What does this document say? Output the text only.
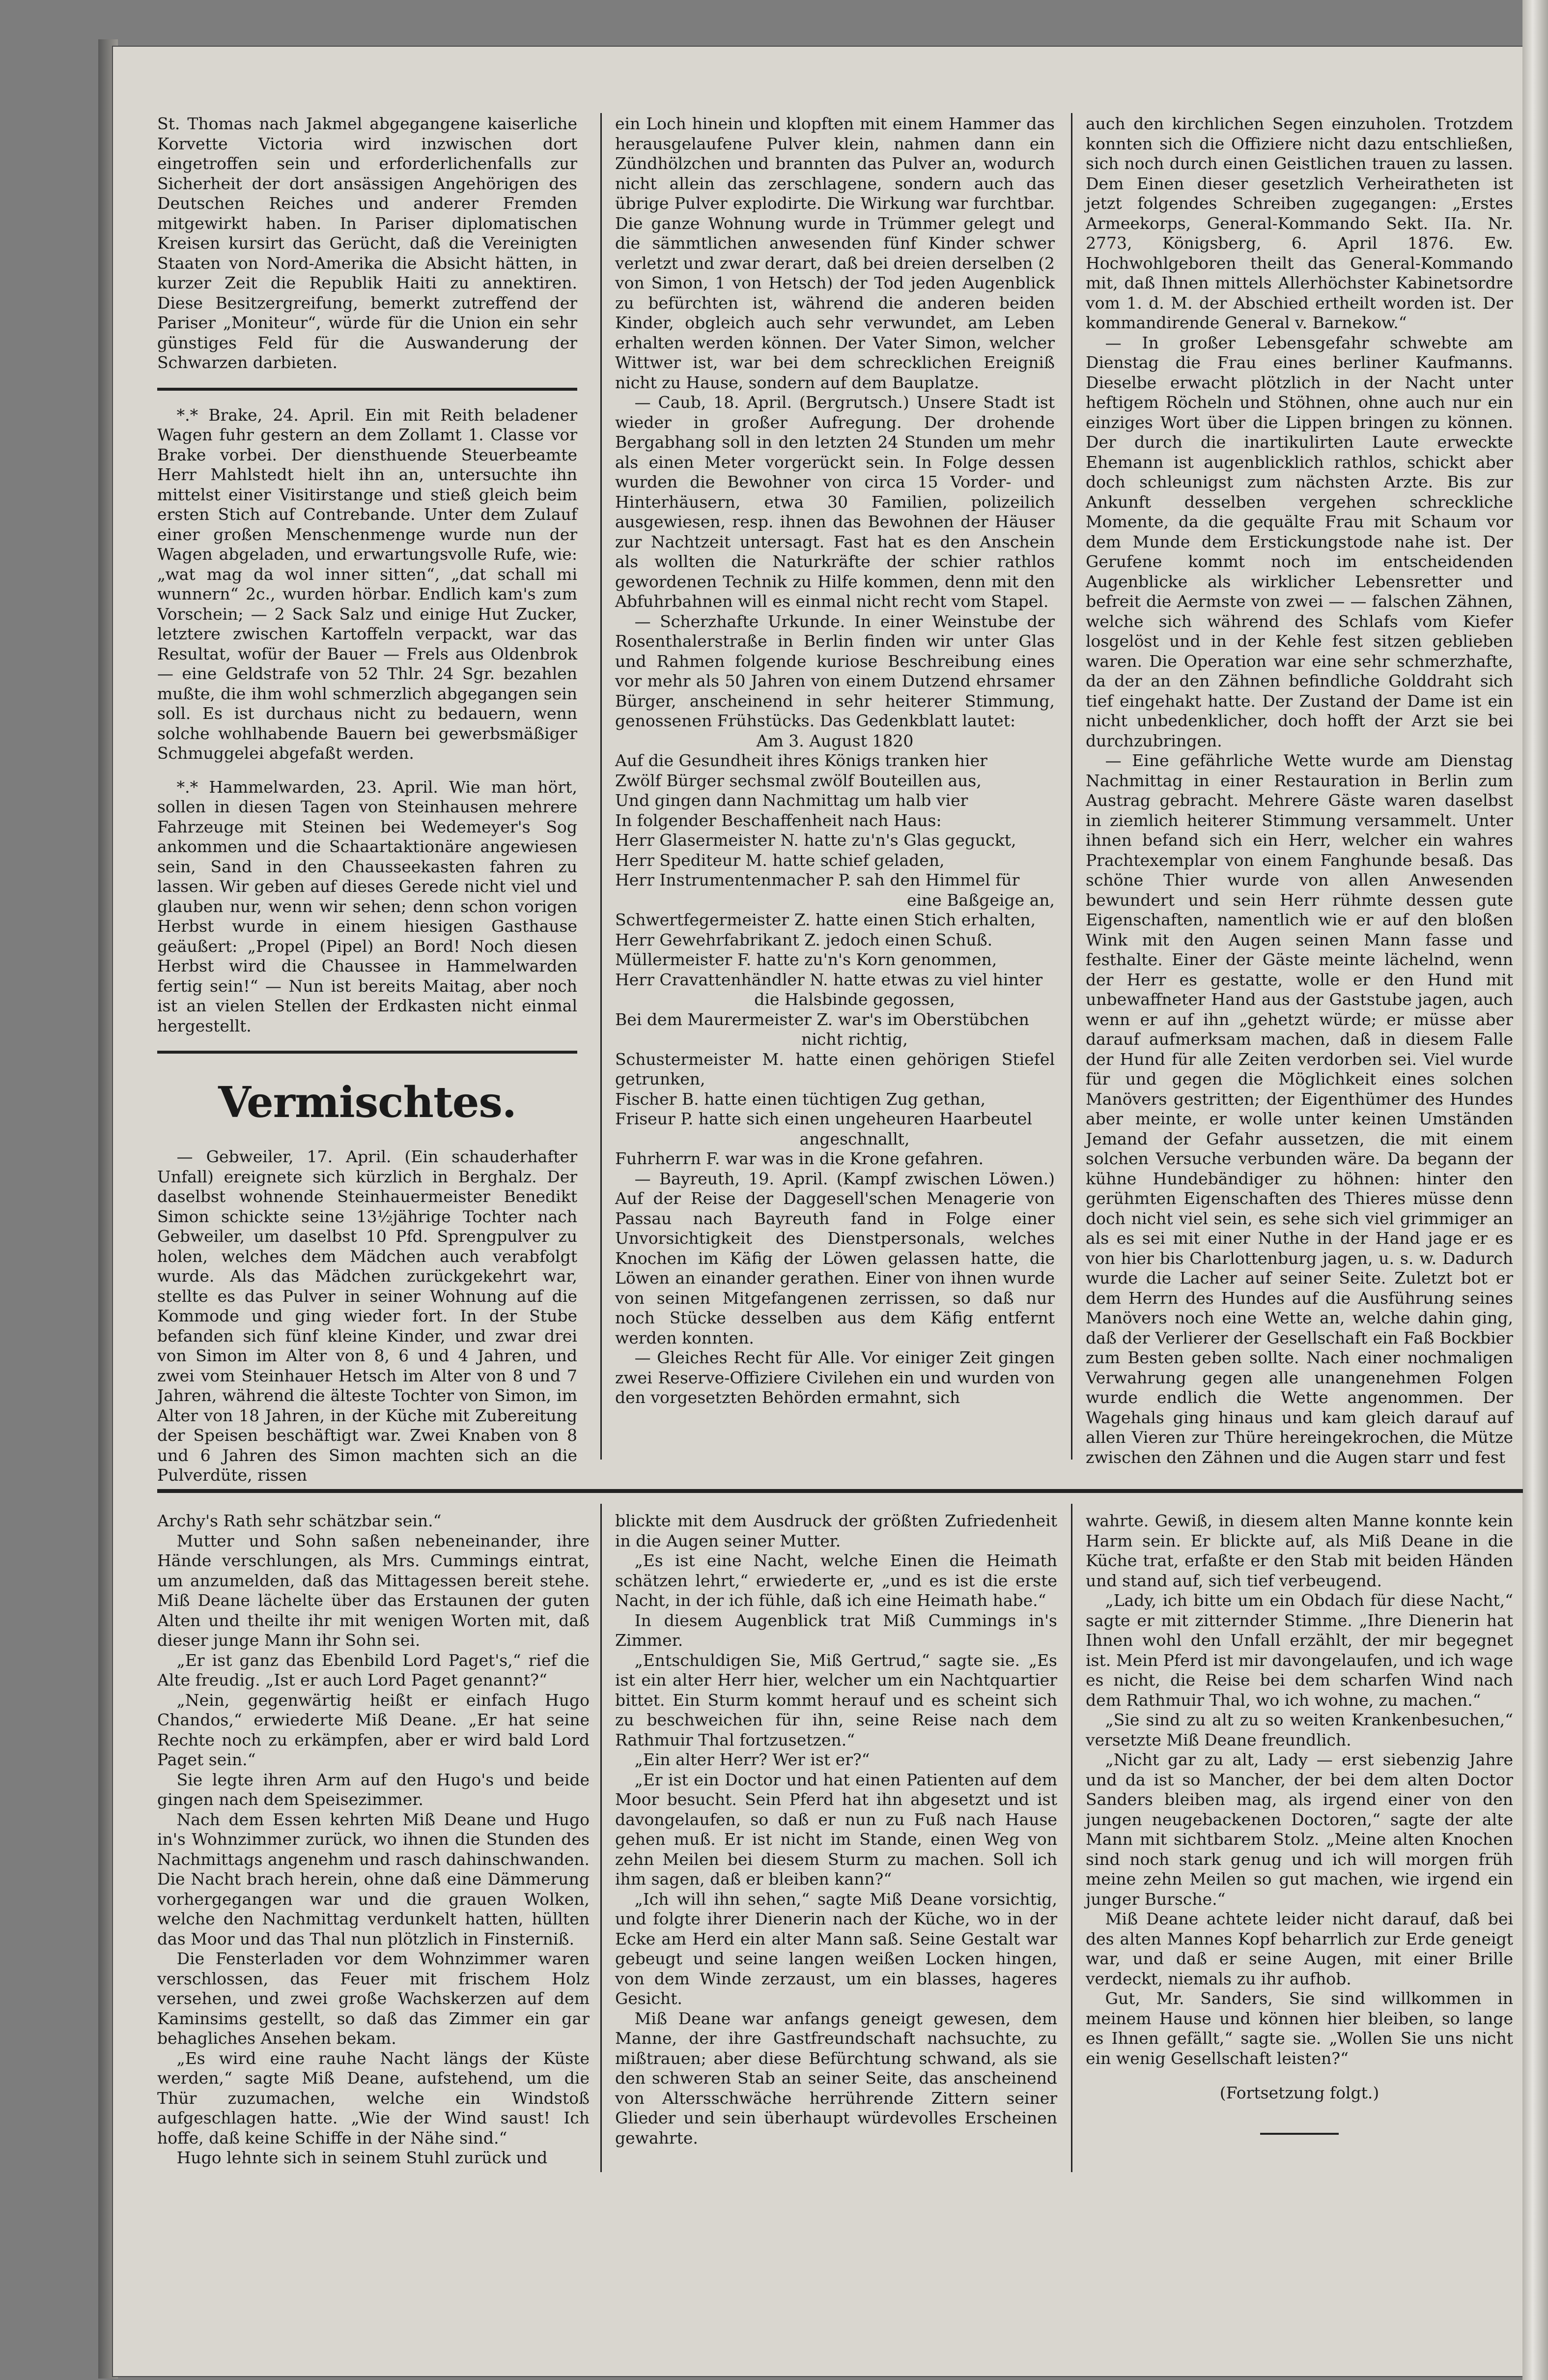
St. Thomas nach Jakmel abgegangene kaiserliche Korvette Victoria wird inzwischen dort eingetroffen sein und erforderlichenfalls zur Sicherheit der dort ansässigen Angehörigen des Deutschen Reiches und anderer Fremden mitgewirkt haben. In Pariser diplomatischen Kreisen kursirt das Gerücht, daß die Vereinigten Staaten von Nord-Amerika die Absicht hätten, in kurzer Zeit die Republik Haiti zu annektiren. Diese Besitzergreifung, bemerkt zutreffend der Pariser „Moniteur“, würde für die Union ein sehr günstiges Feld für die Auswanderung der Schwarzen darbieten.

*.* Brake, 24. April. Ein mit Reith beladener Wagen fuhr gestern an dem Zollamt 1. Classe vor Brake vorbei. Der diensthuende Steuerbeamte Herr Mahlstedt hielt ihn an, untersuchte ihn mittelst einer Visitirstange und stieß gleich beim ersten Stich auf Contrebande. Unter dem Zulauf einer großen Menschenmenge wurde nun der Wagen abgeladen, und erwartungsvolle Rufe, wie: „wat mag da wol inner sitten“, „dat schall mi wunnern“ 2c., wurden hörbar. Endlich kam's zum Vorschein; — 2 Sack Salz und einige Hut Zucker, letztere zwischen Kartoffeln verpackt, war das Resultat, wofür der Bauer — Frels aus Oldenbrok — eine Geldstrafe von 52 Thlr. 24 Sgr. bezahlen mußte, die ihm wohl schmerzlich abgegangen sein soll. Es ist durchaus nicht zu bedauern, wenn solche wohlhabende Bauern bei gewerbsmäßiger Schmuggelei abgefaßt werden.

*.* Hammelwarden, 23. April. Wie man hört, sollen in diesen Tagen von Steinhausen mehrere Fahrzeuge mit Steinen bei Wedemeyer's Sog ankommen und die Schaartaktionäre angewiesen sein, Sand in den Chausseekasten fahren zu lassen. Wir geben auf dieses Gerede nicht viel und glauben nur, wenn wir sehen; denn schon vorigen Herbst wurde in einem hiesigen Gasthause geäußert: „Propel (Pipel) an Bord! Noch diesen Herbst wird die Chaussee in Hammelwarden fertig sein!“ — Nun ist bereits Maitag, aber noch ist an vielen Stellen der Erdkasten nicht einmal hergestellt.

Vermischtes.

— Gebweiler, 17. April. (Ein schauderhafter Unfall) ereignete sich kürzlich in Berghalz. Der daselbst wohnende Steinhauermeister Benedikt Simon schickte seine 13½jährige Tochter nach Gebweiler, um daselbst 10 Pfd. Sprengpulver zu holen, welches dem Mädchen auch verabfolgt wurde. Als das Mädchen zurückgekehrt war, stellte es das Pulver in seiner Wohnung auf die Kommode und ging wieder fort. In der Stube befanden sich fünf kleine Kinder, und zwar drei von Simon im Alter von 8, 6 und 4 Jahren, und zwei vom Steinhauer Hetsch im Alter von 8 und 7 Jahren, während die älteste Tochter von Simon, im Alter von 18 Jahren, in der Küche mit Zubereitung der Speisen beschäftigt war. Zwei Knaben von 8 und 6 Jahren des Simon machten sich an die Pulverdüte, rissen

ein Loch hinein und klopften mit einem Hammer das herausgelaufene Pulver klein, nahmen dann ein Zündhölzchen und brannten das Pulver an, wodurch nicht allein das zerschlagene, sondern auch das übrige Pulver explodirte. Die Wirkung war furchtbar. Die ganze Wohnung wurde in Trümmer gelegt und die sämmtlichen anwesenden fünf Kinder schwer verletzt und zwar derart, daß bei dreien derselben (2 von Simon, 1 von Hetsch) der Tod jeden Augenblick zu befürchten ist, während die anderen beiden Kinder, obgleich auch sehr verwundet, am Leben erhalten werden können. Der Vater Simon, welcher Wittwer ist, war bei dem schrecklichen Ereigniß nicht zu Hause, sondern auf dem Bauplatze.

— Caub, 18. April. (Bergrutsch.) Unsere Stadt ist wieder in großer Aufregung. Der drohende Bergabhang soll in den letzten 24 Stunden um mehr als einen Meter vorgerückt sein. In Folge dessen wurden die Bewohner von circa 15 Vorder- und Hinterhäusern, etwa 30 Familien, polizeilich ausgewiesen, resp. ihnen das Bewohnen der Häuser zur Nachtzeit untersagt. Fast hat es den Anschein als wollten die Naturkräfte der schier rathlos gewordenen Technik zu Hilfe kommen, denn mit den Abfuhrbahnen will es einmal nicht recht vom Stapel.

— Scherzhafte Urkunde. In einer Weinstube der Rosenthalerstraße in Berlin finden wir unter Glas und Rahmen folgende kuriose Beschreibung eines vor mehr als 50 Jahren von einem Dutzend ehrsamer Bürger, anscheinend in sehr heiterer Stimmung, genossenen Frühstücks. Das Gedenkblatt lautet:

Am 3. August 1820
Auf die Gesundheit ihres Königs tranken hier
Zwölf Bürger sechsmal zwölf Bouteillen aus,
Und gingen dann Nachmittag um halb vier
In folgender Beschaffenheit nach Haus:
Herr Glasermeister N. hatte zu'n's Glas geguckt,
Herr Spediteur M. hatte schief geladen,
Herr Instrumentenmacher P. sah den Himmel für
eine Baßgeige an,
Schwertfegermeister Z. hatte einen Stich erhalten,
Herr Gewehrfabrikant Z. jedoch einen Schuß.
Müllermeister F. hatte zu'n's Korn genommen,
Herr Cravattenhändler N. hatte etwas zu viel hinter
die Halsbinde gegossen,
Bei dem Maurermeister Z. war's im Oberstübchen
nicht richtig,
Schustermeister M. hatte einen gehörigen Stiefel getrunken,
Fischer B. hatte einen tüchtigen Zug gethan,
Friseur P. hatte sich einen ungeheuren Haarbeutel
angeschnallt,
Fuhrherrn F. war was in die Krone gefahren.

— Bayreuth, 19. April. (Kampf zwischen Löwen.) Auf der Reise der Daggesell'schen Menagerie von Passau nach Bayreuth fand in Folge einer Unvorsichtigkeit des Dienstpersonals, welches Knochen im Käfig der Löwen gelassen hatte, die Löwen an einander gerathen. Einer von ihnen wurde von seinen Mitgefangenen zerrissen, so daß nur noch Stücke desselben aus dem Käfig entfernt werden konnten.

— Gleiches Recht für Alle. Vor einiger Zeit gingen zwei Reserve-Offiziere Civilehen ein und wurden von den vorgesetzten Behörden ermahnt, sich

auch den kirchlichen Segen einzuholen. Trotzdem konnten sich die Offiziere nicht dazu entschließen, sich noch durch einen Geistlichen trauen zu lassen. Dem Einen dieser gesetzlich Verheiratheten ist jetzt folgendes Schreiben zugegangen: „Erstes Armeekorps, General-Kommando Sekt. IIa. Nr. 2773, Königsberg, 6. April 1876. Ew. Hochwohlgeboren theilt das General-Kommando mit, daß Ihnen mittels Allerhöchster Kabinetsordre vom 1. d. M. der Abschied ertheilt worden ist. Der kommandirende General v. Barnekow.“

— In großer Lebensgefahr schwebte am Dienstag die Frau eines berliner Kaufmanns. Dieselbe erwacht plötzlich in der Nacht unter heftigem Röcheln und Stöhnen, ohne auch nur ein einziges Wort über die Lippen bringen zu können. Der durch die inartikulirten Laute erweckte Ehemann ist augenblicklich rathlos, schickt aber doch schleunigst zum nächsten Arzte. Bis zur Ankunft desselben vergehen schreckliche Momente, da die gequälte Frau mit Schaum vor dem Munde dem Erstickungstode nahe ist. Der Gerufene kommt noch im entscheidenden Augenblicke als wirklicher Lebensretter und befreit die Aermste von zwei — — falschen Zähnen, welche sich während des Schlafs vom Kiefer losgelöst und in der Kehle fest sitzen geblieben waren. Die Operation war eine sehr schmerzhafte, da der an den Zähnen befindliche Golddraht sich tief eingehakt hatte. Der Zustand der Dame ist ein nicht unbedenklicher, doch hofft der Arzt sie bei durchzubringen.

— Eine gefährliche Wette wurde am Dienstag Nachmittag in einer Restauration in Berlin zum Austrag gebracht. Mehrere Gäste waren daselbst in ziemlich heiterer Stimmung versammelt. Unter ihnen befand sich ein Herr, welcher ein wahres Prachtexemplar von einem Fanghunde besaß. Das schöne Thier wurde von allen Anwesenden bewundert und sein Herr rühmte dessen gute Eigenschaften, namentlich wie er auf den bloßen Wink mit den Augen seinen Mann fasse und festhalte. Einer der Gäste meinte lächelnd, wenn der Herr es gestatte, wolle er den Hund mit unbewaffneter Hand aus der Gaststube jagen, auch wenn er auf ihn „gehetzt würde; er müsse aber darauf aufmerksam machen, daß in diesem Falle der Hund für alle Zeiten verdorben sei. Viel wurde für und gegen die Möglichkeit eines solchen Manövers gestritten; der Eigenthümer des Hundes aber meinte, er wolle unter keinen Umständen Jemand der Gefahr aussetzen, die mit einem solchen Versuche verbunden wäre. Da begann der kühne Hundebändiger zu höhnen: hinter den gerühmten Eigenschaften des Thieres müsse denn doch nicht viel sein, es sehe sich viel grimmiger an als es sei mit einer Nuthe in der Hand jage er es von hier bis Charlottenburg jagen, u. s. w. Dadurch wurde die Lacher auf seiner Seite. Zuletzt bot er dem Herrn des Hundes auf die Ausführung seines Manövers noch eine Wette an, welche dahin ging, daß der Verlierer der Gesellschaft ein Faß Bockbier zum Besten geben sollte. Nach einer nochmaligen Verwahrung gegen alle unangenehmen Folgen wurde endlich die Wette angenommen. Der Wagehals ging hinaus und kam gleich darauf auf allen Vieren zur Thüre hereingekrochen, die Mütze zwischen den Zähnen und die Augen starr und fest

Archy's Rath sehr schätzbar sein.“

Mutter und Sohn saßen nebeneinander, ihre Hände verschlungen, als Mrs. Cummings eintrat, um anzumelden, daß das Mittagessen bereit stehe. Miß Deane lächelte über das Erstaunen der guten Alten und theilte ihr mit wenigen Worten mit, daß dieser junge Mann ihr Sohn sei.

„Er ist ganz das Ebenbild Lord Paget's,“ rief die Alte freudig. „Ist er auch Lord Paget genannt?“

„Nein, gegenwärtig heißt er einfach Hugo Chandos,“ erwiederte Miß Deane. „Er hat seine Rechte noch zu erkämpfen, aber er wird bald Lord Paget sein.“

Sie legte ihren Arm auf den Hugo's und beide gingen nach dem Speisezimmer.

Nach dem Essen kehrten Miß Deane und Hugo in's Wohnzimmer zurück, wo ihnen die Stunden des Nachmittags angenehm und rasch dahinschwanden. Die Nacht brach herein, ohne daß eine Dämmerung vorhergegangen war und die grauen Wolken, welche den Nachmittag verdunkelt hatten, hüllten das Moor und das Thal nun plötzlich in Finsterniß.

Die Fensterladen vor dem Wohnzimmer waren verschlossen, das Feuer mit frischem Holz versehen, und zwei große Wachskerzen auf dem Kaminsims gestellt, so daß das Zimmer ein gar behagliches Ansehen bekam.

„Es wird eine rauhe Nacht längs der Küste werden,“ sagte Miß Deane, aufstehend, um die Thür zuzumachen, welche ein Windstoß aufgeschlagen hatte. „Wie der Wind saust! Ich hoffe, daß keine Schiffe in der Nähe sind.“

Hugo lehnte sich in seinem Stuhl zurück und

blickte mit dem Ausdruck der größten Zufriedenheit in die Augen seiner Mutter.

„Es ist eine Nacht, welche Einen die Heimath schätzen lehrt,“ erwiederte er, „und es ist die erste Nacht, in der ich fühle, daß ich eine Heimath habe.“

In diesem Augenblick trat Miß Cummings in's Zimmer.

„Entschuldigen Sie, Miß Gertrud,“ sagte sie. „Es ist ein alter Herr hier, welcher um ein Nachtquartier bittet. Ein Sturm kommt herauf und es scheint sich zu beschweichen für ihn, seine Reise nach dem Rathmuir Thal fortzusetzen.“

„Ein alter Herr? Wer ist er?“

„Er ist ein Doctor und hat einen Patienten auf dem Moor besucht. Sein Pferd hat ihn abgesetzt und ist davongelaufen, so daß er nun zu Fuß nach Hause gehen muß. Er ist nicht im Stande, einen Weg von zehn Meilen bei diesem Sturm zu machen. Soll ich ihm sagen, daß er bleiben kann?“

„Ich will ihn sehen,“ sagte Miß Deane vorsichtig, und folgte ihrer Dienerin nach der Küche, wo in der Ecke am Herd ein alter Mann saß. Seine Gestalt war gebeugt und seine langen weißen Locken hingen, von dem Winde zerzaust, um ein blasses, hageres Gesicht.

Miß Deane war anfangs geneigt gewesen, dem Manne, der ihre Gastfreundschaft nachsuchte, zu mißtrauen; aber diese Befürchtung schwand, als sie den schweren Stab an seiner Seite, das anscheinend von Altersschwäche herrührende Zittern seiner Glieder und sein überhaupt würdevolles Erscheinen gewahrte.

wahrte. Gewiß, in diesem alten Manne konnte kein Harm sein. Er blickte auf, als Miß Deane in die Küche trat, erfaßte er den Stab mit beiden Händen und stand auf, sich tief verbeugend.

„Lady, ich bitte um ein Obdach für diese Nacht,“ sagte er mit zitternder Stimme. „Ihre Dienerin hat Ihnen wohl den Unfall erzählt, der mir begegnet ist. Mein Pferd ist mir davongelaufen, und ich wage es nicht, die Reise bei dem scharfen Wind nach dem Rathmuir Thal, wo ich wohne, zu machen.“

„Sie sind zu alt zu so weiten Krankenbesuchen,“ versetzte Miß Deane freundlich.

„Nicht gar zu alt, Lady — erst siebenzig Jahre und da ist so Mancher, der bei dem alten Doctor Sanders bleiben mag, als irgend einer von den jungen neugebackenen Doctoren,“ sagte der alte Mann mit sichtbarem Stolz. „Meine alten Knochen sind noch stark genug und ich will morgen früh meine zehn Meilen so gut machen, wie irgend ein junger Bursche.“

Miß Deane achtete leider nicht darauf, daß bei des alten Mannes Kopf beharrlich zur Erde geneigt war, und daß er seine Augen, mit einer Brille verdeckt, niemals zu ihr aufhob.

Gut, Mr. Sanders, Sie sind willkommen in meinem Hause und können hier bleiben, so lange es Ihnen gefällt,“ sagte sie. „Wollen Sie uns nicht ein wenig Gesellschaft leisten?“

(Fortsetzung folgt.)
